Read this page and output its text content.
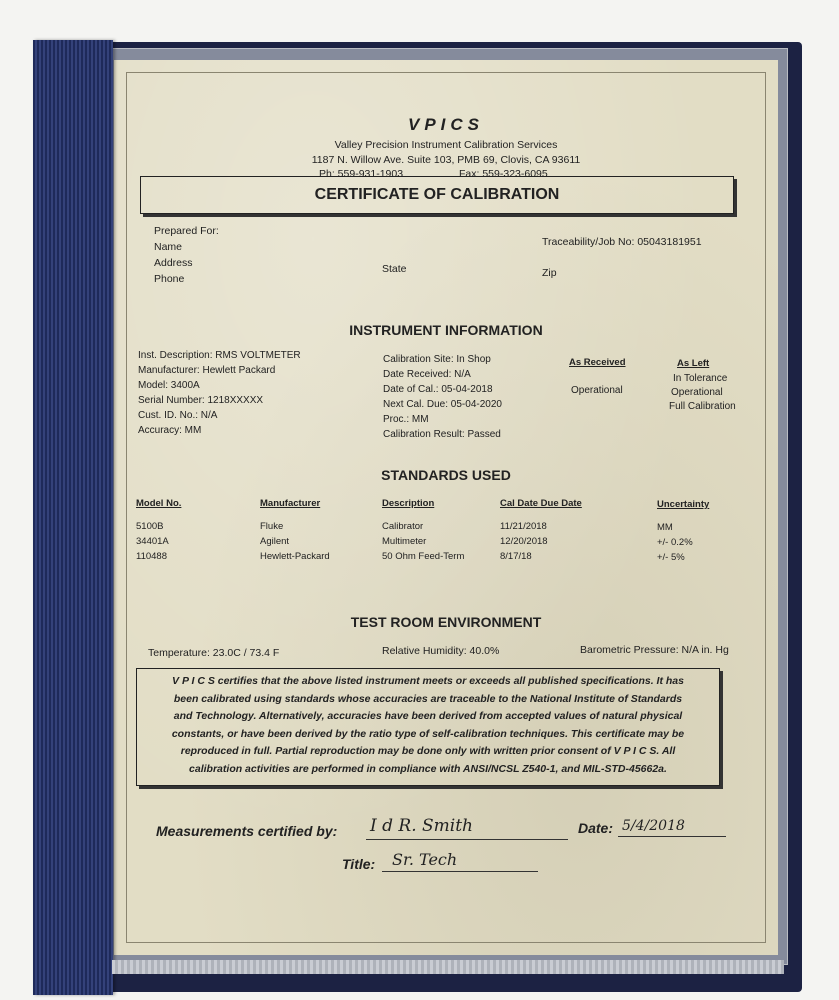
VPICS
Valley Precision Instrument Calibration Services
1187 N. Willow Ave. Suite 103, PMB 69, Clovis, CA 93611
Ph: 559-931-1903	Fax: 559-323-6095
CERTIFICATE OF CALIBRATION
Prepared For:
Name
Address
Phone
State	Zip
Traceability/Job No: 05043181951
INSTRUMENT INFORMATION
Inst. Description: RMS VOLTMETER
Manufacturer: Hewlett Packard
Model: 3400A
Serial Number: 1218XXXXX
Cust. ID. No.: N/A
Accuracy: MM
Calibration Site: In Shop
Date Received: N/A
Date of Cal.: 05-04-2018
Next Cal. Due: 05-04-2020
Proc.: MM
Calibration Result: Passed
As Received
Operational
As Left
In Tolerance
Operational
Full Calibration
STANDARDS USED
Model No.	Manufacturer	Description	Cal Date Due Date	Uncertainty
5100B	Fluke	Calibrator	11/21/2018	MM
34401A	Agilent	Multimeter	12/20/2018	+/- 0.2%
110488	Hewlett-Packard	50 Ohm Feed-Term	8/17/18	+/- 5%
TEST ROOM ENVIRONMENT
Temperature: 23.0C / 73.4 F	Relative Humidity: 40.0%	Barometric Pressure: N/A in. Hg
V P I C S certifies that the above listed instrument meets or exceeds all published specifications. It has
been calibrated using standards whose accuracies are traceable to the National Institute of Standards
and Technology. Alternatively, accuracies have been derived from accepted values of natural physical
constants, or have been derived by the ratio type of self-calibration techniques. This certificate may be
reproduced in full. Partial reproduction may be done only with written prior consent of V P I C S. All
calibration activities are performed in compliance with ANSI/NCSL Z540-1, and MIL-STD-45662a.
Measurements certified by: I d R. Smith	Date: 5/4/2018
Title: Sr. Tech
